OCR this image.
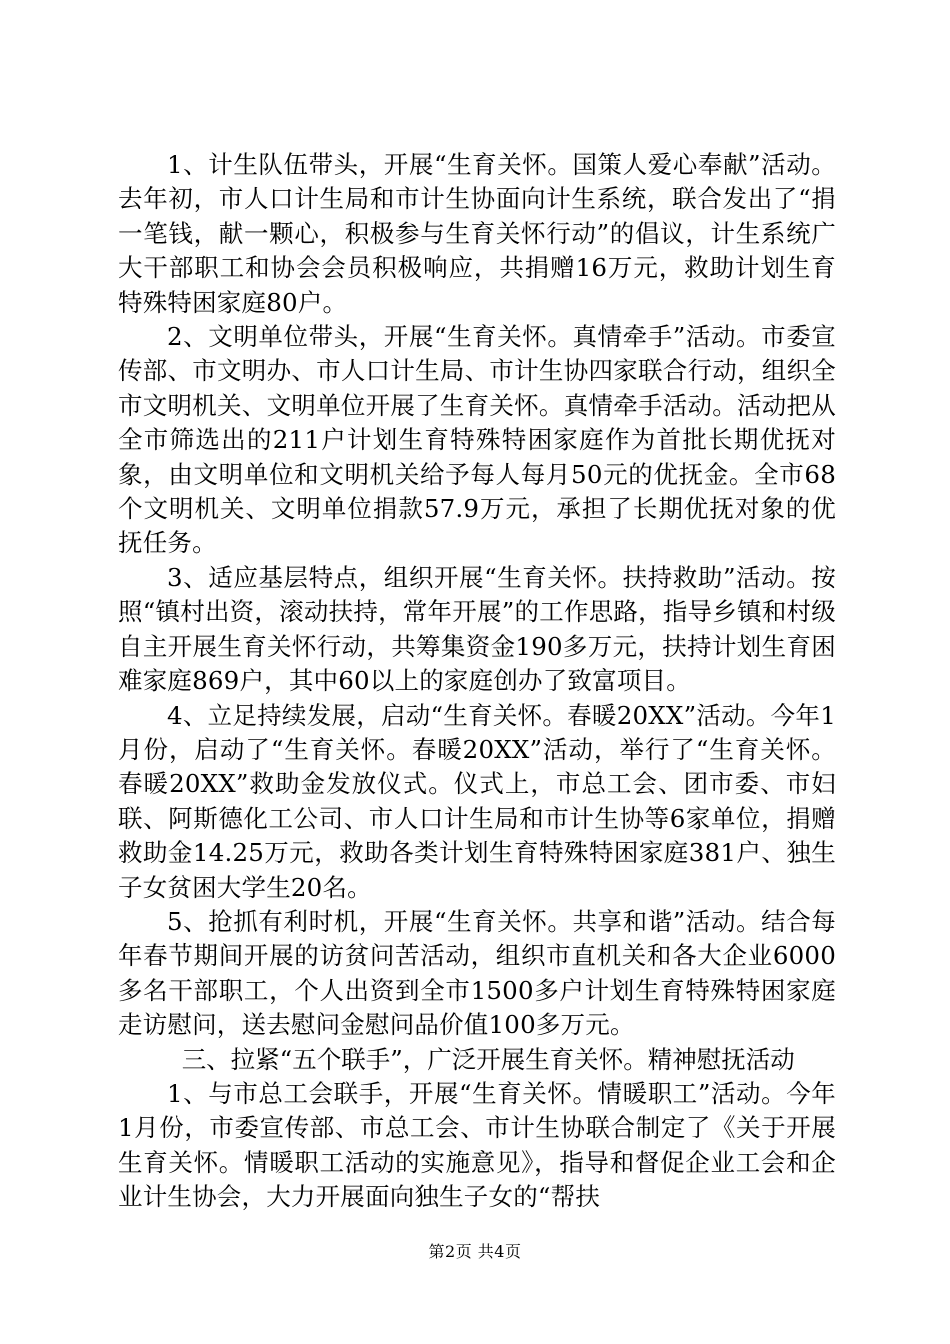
1、计生队伍带头，开展“生育关怀。国策人爱心奉献”活动。去年初，市人口计生局和市计生协面向计生系统，联合发出了“捐一笔钱，献一颗心，积极参与生育关怀行动”的倡议，计生系统广大干部职工和协会会员积极响应，共捐赠16万元，救助计划生育特殊特困家庭80户。

2、文明单位带头，开展“生育关怀。真情牵手”活动。市委宣传部、市文明办、市人口计生局、市计生协四家联合行动，组织全市文明机关、文明单位开展了生育关怀。真情牵手活动。活动把从全市筛选出的211户计划生育特殊特困家庭作为首批长期优抚对象，由文明单位和文明机关给予每人每月50元的优抚金。全市68个文明机关、文明单位捐款57.9万元，承担了长期优抚对象的优抚任务。

3、适应基层特点，组织开展“生育关怀。扶持救助”活动。按照“镇村出资，滚动扶持，常年开展”的工作思路，指导乡镇和村级自主开展生育关怀行动，共筹集资金190多万元，扶持计划生育困难家庭869户，其中60以上的家庭创办了致富项目。

4、立足持续发展，启动“生育关怀。春暖20XX”活动。今年1月份，启动了“生育关怀。春暖20XX”活动，举行了“生育关怀。春暖20XX”救助金发放仪式。仪式上，市总工会、团市委、市妇联、阿斯德化工公司、市人口计生局和市计生协等6家单位，捐赠救助金14.25万元，救助各类计划生育特殊特困家庭381户、独生子女贫困大学生20名。

5、抢抓有利时机，开展“生育关怀。共享和谐”活动。结合每年春节期间开展的访贫问苦活动，组织市直机关和各大企业6000多名干部职工，个人出资到全市1500多户计划生育特殊特困家庭走访慰问，送去慰问金慰问品价值100多万元。

三、拉紧“五个联手”，广泛开展生育关怀。精神慰抚活动

1、与市总工会联手，开展“生育关怀。情暖职工”活动。今年1月份，市委宣传部、市总工会、市计生协联合制定了《关于开展生育关怀。情暖职工活动的实施意见》，指导和督促企业工会和企业计生协会，大力开展面向独生子女的“帮扶

第2页 共4页
